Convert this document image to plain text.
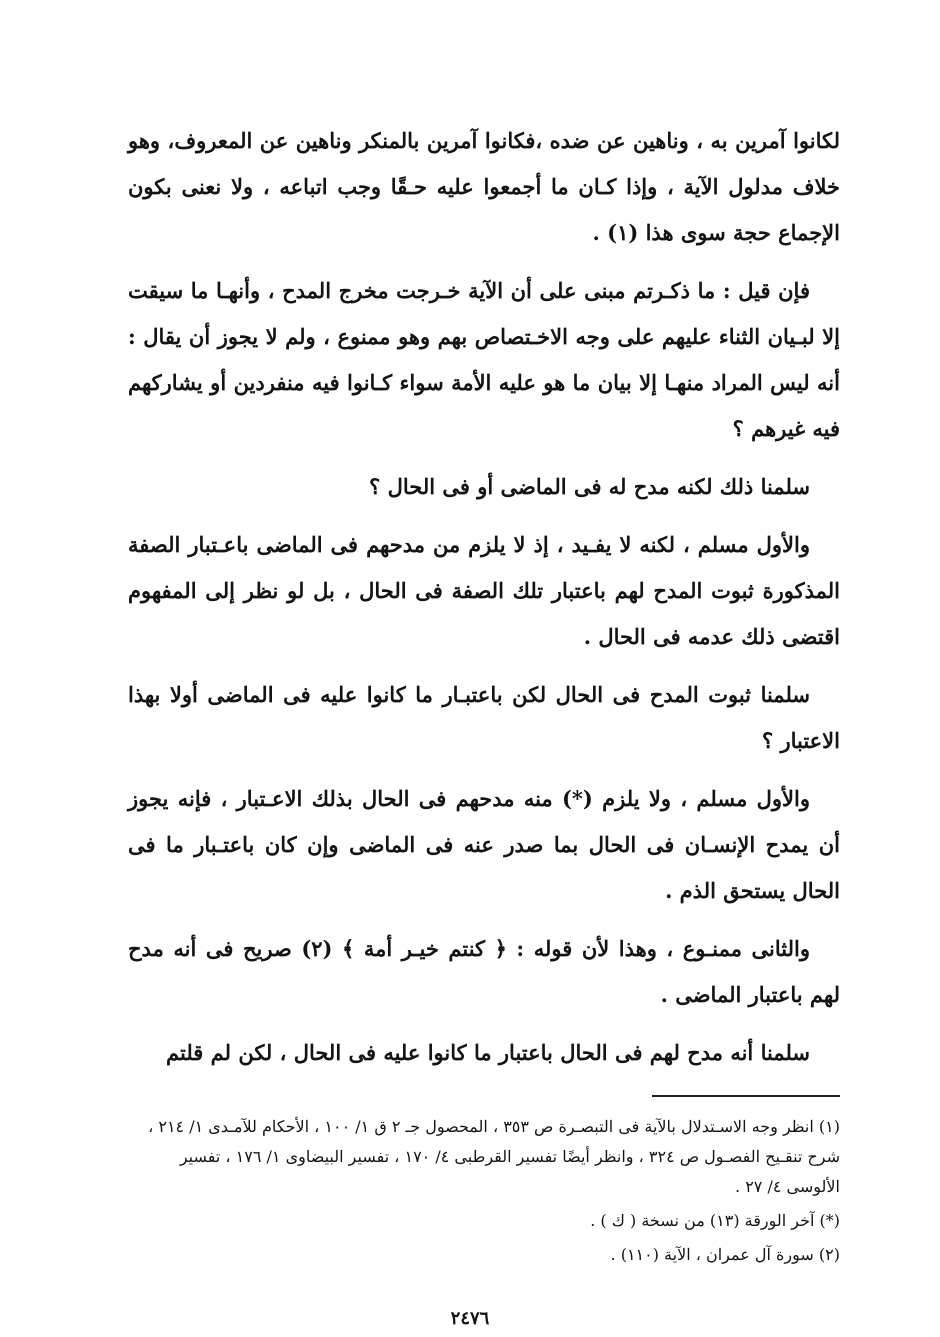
لكانوا آمرين به ، وناهين عن ضده ،فكانوا آمرين بالمنكر وناهين عن المعروف، وهو خلاف مدلول الآية ، وإذا كـان ما أجمعوا عليه حـقًا وجب اتباعه ، ولا نعنى بكون الإجماع حجة سوى هذا (١) .

فإن قيل : ما ذكـرتم مبنى على أن الآية خـرجت مخرج المدح ، وأنهـا ما سيقت إلا لبـيان الثناء عليهم على وجه الاخـتصاص بهم وهو ممنوع ، ولم لا يجوز أن يقال : أنه ليس المراد منهـا إلا بيان ما هو عليه الأمة سواء كـانوا فيه منفردين أو يشاركهم فيه غيرهم ؟

سلمنا ذلك لكنه مدح له فى الماضى أو فى الحال ؟

والأول مسلم ، لكنه لا يفـيد ، إذ لا يلزم من مدحهم فى الماضى باعـتبار الصفة المذكورة ثبوت المدح لهم باعتبار تلك الصفة فى الحال ، بل لو نظر إلى المفهوم اقتضى ذلك عدمه فى الحال .

سلمنا ثبوت المدح فى الحال لكن باعتبـار ما كانوا عليه فى الماضى أولا بهذا الاعتبار ؟

والأول مسلم ، ولا يلزم (*) منه مدحهم فى الحال بذلك الاعـتبار ، فإنه يجوز أن يمدح الإنسـان فى الحال بما صدر عنه فى الماضى وإن كان باعتـبار ما فى الحال يستحق الذم .

والثانى ممنـوع ، وهذا لأن قوله : ﴿ كنتم خيـر أمة ﴾ (٢) صريح فى أنه مدح لهم باعتبار الماضى .

سلمنا أنه مدح لهم فى الحال باعتبار ما كانوا عليه فى الحال ، لكن لم قلتم

(١) انظر وجه الاسـتدلال بالآية فى التبصـرة ص ٣٥٣ ، المحصول جـ ٢ ق ١/ ١٠٠ ، الأحكام للآمـدى ١/ ٢١٤ ، شرح تنقـيح الفصـول ص ٣٢٤ ، وانظر أيضًا تفسير القرطبى ٤/ ١٧٠ ، تفسير البيضاوى ١/ ١٧٦ ، تفسير الألوسى ٤/ ٢٧ .

(*) آخر الورقة (١٣) من نسخة ( ك ) .

(٢) سورة آل عمران ، الآية (١١٠) .

٢٤٧٦
